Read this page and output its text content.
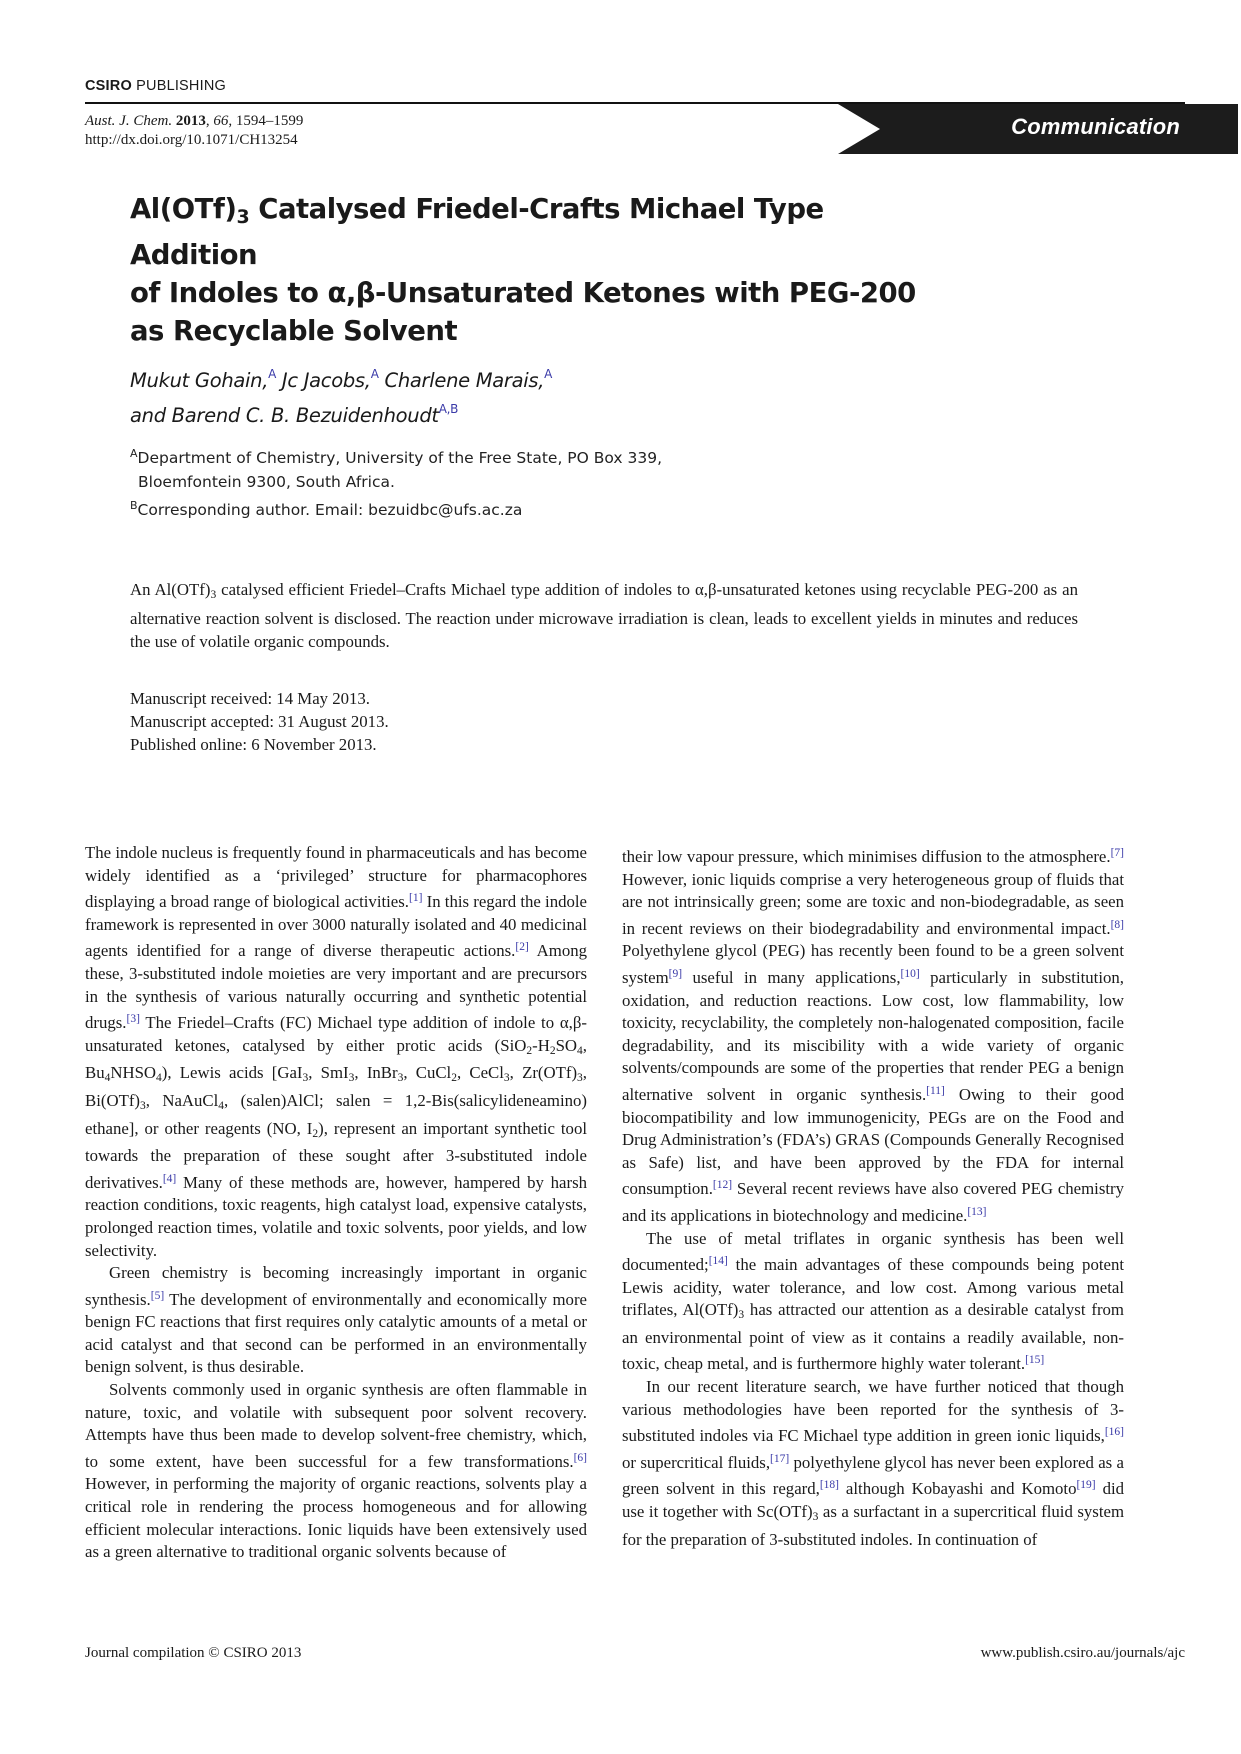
CSIRO PUBLISHING
Aust. J. Chem. 2013, 66, 1594–1599
http://dx.doi.org/10.1071/CH13254
Communication
$Al(OTf)_3$ Catalysed Friedel-Crafts Michael Type Addition
of Indoles to α,β-Unsaturated Ketones with PEG-200
as Recyclable Solvent
Mukut Gohain,$^A$ Jc Jacobs,$^A$ Charlene Marais,$^A$
and Barend C. B. Bezuidenhoudt$^{A,B}$
$^A$Department of Chemistry, University of the Free State, PO Box 339,
Bloemfontein 9300, South Africa.
$^B$Corresponding author. Email: bezuidbc@ufs.ac.za
An $Al(OTf)_3$ catalysed efficient Friedel–Crafts Michael type addition of indoles to α,β-unsaturated ketones using recyclable PEG-200 as an alternative reaction solvent is disclosed. The reaction under microwave irradiation is clean, leads to excellent yields in minutes and reduces the use of volatile organic compounds.
Manuscript received: 14 May 2013.
Manuscript accepted: 31 August 2013.
Published online: 6 November 2013.

The indole nucleus is frequently found in pharmaceuticals and has become widely identified as a ‘privileged’ structure for pharmacophores displaying a broad range of biological activities.[1] In this regard the indole framework is represented in over 3000 naturally isolated and 40 medicinal agents identified for a range of diverse therapeutic actions.[2] Among these, 3-substituted indole moieties are very important and are precursors in the synthesis of various naturally occurring and synthetic potential drugs.[3] The Friedel–Crafts (FC) Michael type addition of indole to α,β-unsaturated ketones, catalysed by either protic acids ($SiO_2-H_2SO_4$, $Bu_4NHSO_4$), Lewis acids [GaI$_3$, SmI$_3$, InBr$_3$, CuCl$_2$, CeCl$_3$, $Zr(OTf)_3$, $Bi(OTf)_3$, NaAuCl$_4$, (salen)AlCl; salen = 1,2-Bis(salicylideneamino) ethane], or other reagents (NO, $I_2$), represent an important synthetic tool towards the preparation of these sought after 3-substituted indole derivatives.[4] Many of these methods are, however, hampered by harsh reaction conditions, toxic reagents, high catalyst load, expensive catalysts, prolonged reaction times, volatile and toxic solvents, poor yields, and low selectivity.

Green chemistry is becoming increasingly important in organic synthesis.[5] The development of environmentally and economically more benign FC reactions that first requires only catalytic amounts of a metal or acid catalyst and that second can be performed in an environmentally benign solvent, is thus desirable.

Solvents commonly used in organic synthesis are often flammable in nature, toxic, and volatile with subsequent poor solvent recovery. Attempts have thus been made to develop solvent-free chemistry, which, to some extent, have been successful for a few transformations.[6] However, in performing the majority of organic reactions, solvents play a critical role in rendering the process homogeneous and for allowing efficient molecular interactions. Ionic liquids have been extensively used as a green alternative to traditional organic solvents because of

their low vapour pressure, which minimises diffusion to the atmosphere.[7] However, ionic liquids comprise a very heterogeneous group of fluids that are not intrinsically green; some are toxic and non-biodegradable, as seen in recent reviews on their biodegradability and environmental impact.[8] Polyethylene glycol (PEG) has recently been found to be a green solvent system[9] useful in many applications,[10] particularly in substitution, oxidation, and reduction reactions. Low cost, low flammability, low toxicity, recyclability, the completely non-halogenated composition, facile degradability, and its miscibility with a wide variety of organic solvents/compounds are some of the properties that render PEG a benign alternative solvent in organic synthesis.[11] Owing to their good biocompatibility and low immunogenicity, PEGs are on the Food and Drug Administration’s (FDA’s) GRAS (Compounds Generally Recognised as Safe) list, and have been approved by the FDA for internal consumption.[12] Several recent reviews have also covered PEG chemistry and its applications in biotechnology and medicine.[13]

The use of metal triflates in organic synthesis has been well documented;[14] the main advantages of these compounds being potent Lewis acidity, water tolerance, and low cost. Among various metal triflates, $Al(OTf)_3$ has attracted our attention as a desirable catalyst from an environmental point of view as it contains a readily available, non-toxic, cheap metal, and is furthermore highly water tolerant.[15]

In our recent literature search, we have further noticed that though various methodologies have been reported for the synthesis of 3-substituted indoles via FC Michael type addition in green ionic liquids,[16] or supercritical fluids,[17] polyethylene glycol has never been explored as a green solvent in this regard,[18] although Kobayashi and Komoto[19] did use it together with $Sc(OTf)_3$ as a surfactant in a supercritical fluid system for the preparation of 3-substituted indoles. In continuation of

Journal compilation © CSIRO 2013	www.publish.csiro.au/journals/ajc
